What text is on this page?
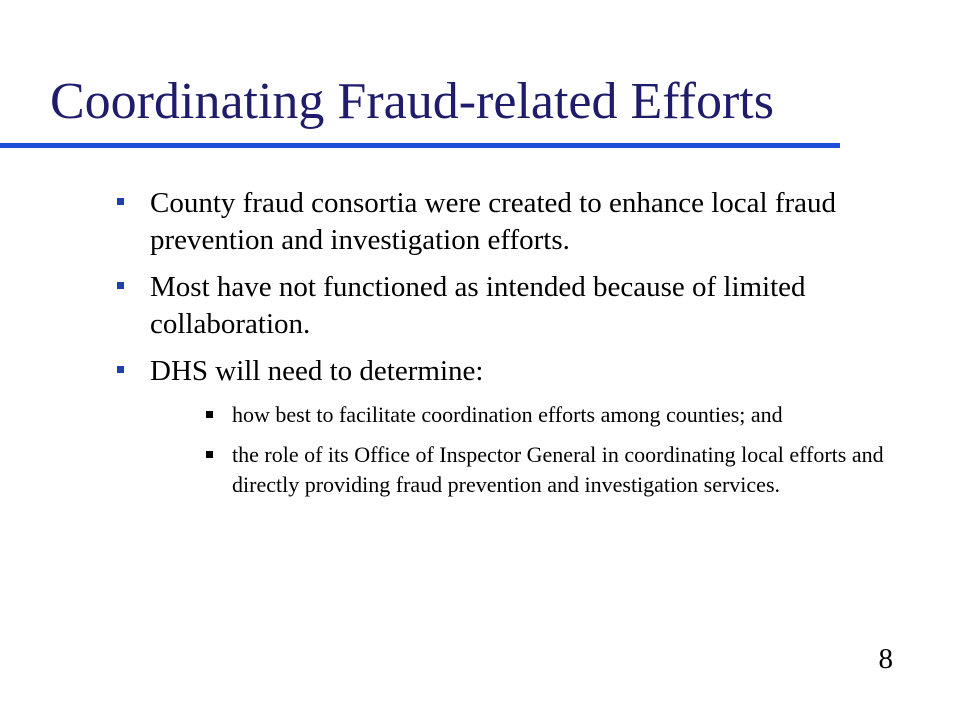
Coordinating Fraud-related Efforts
County fraud consortia were created to enhance local fraud prevention and investigation efforts.
Most have not functioned as intended because of limited collaboration.
DHS will need to determine:
how best to facilitate coordination efforts among counties; and
the role of its Office of Inspector General in coordinating local efforts and directly providing fraud prevention and investigation services.
8
